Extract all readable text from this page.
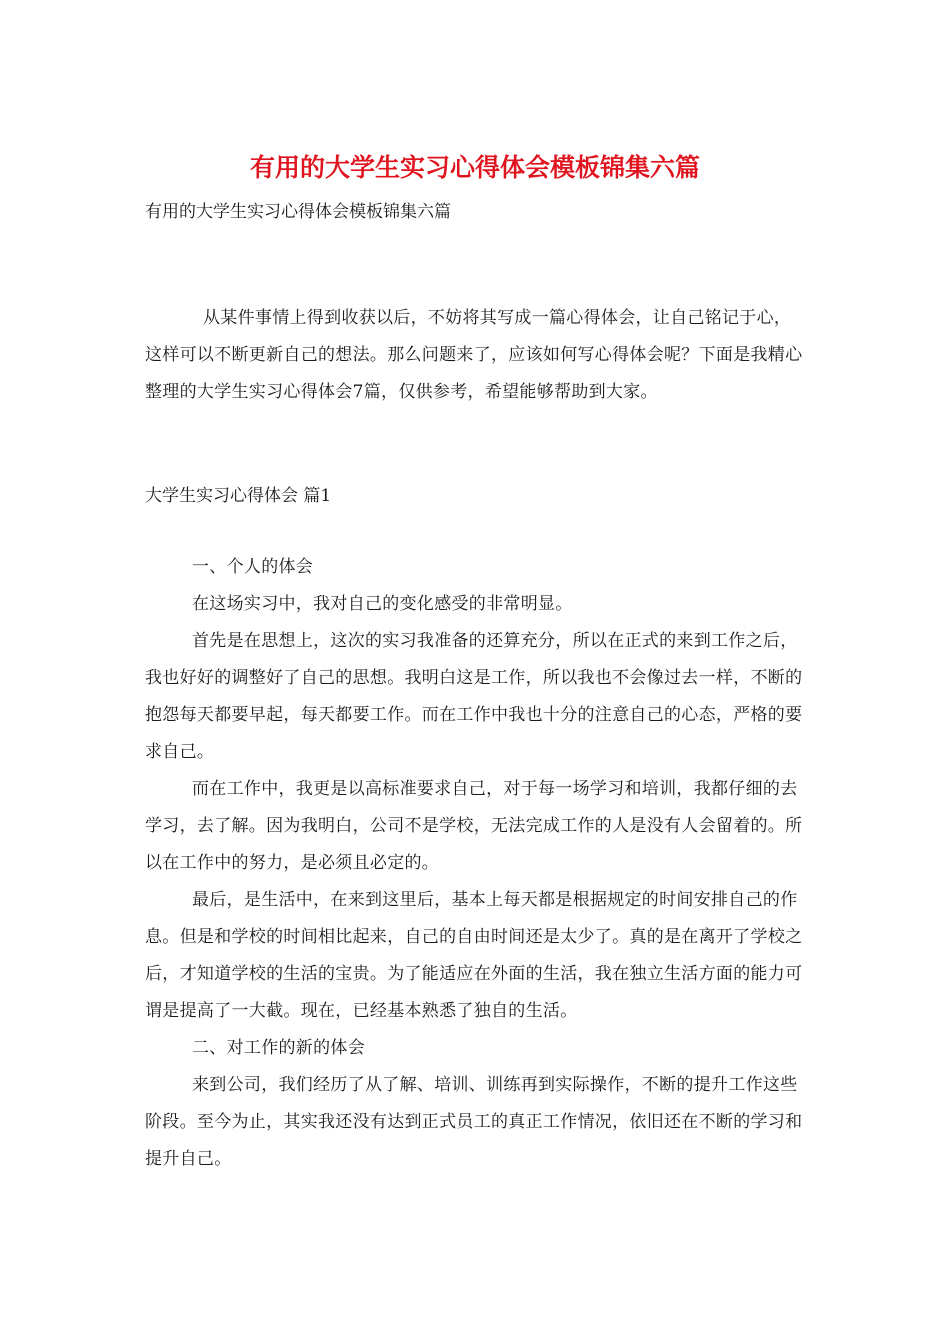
有用的大学生实习心得体会模板锦集六篇
有用的大学生实习心得体会模板锦集六篇
从某件事情上得到收获以后，不妨将其写成一篇心得体会，让自己铭记于心，这样可以不断更新自己的想法。那么问题来了，应该如何写心得体会呢？下面是我精心整理的大学生实习心得体会7篇，仅供参考，希望能够帮助到大家。
大学生实习心得体会 篇1

一、个人的体会

在这场实习中，我对自己的变化感受的非常明显。

首先是在思想上，这次的实习我准备的还算充分，所以在正式的来到工作之后，我也好好的调整好了自己的思想。我明白这是工作，所以我也不会像过去一样，不断的抱怨每天都要早起，每天都要工作。而在工作中我也十分的注意自己的心态，严格的要求自己。

而在工作中，我更是以高标准要求自己，对于每一场学习和培训，我都仔细的去学习，去了解。因为我明白，公司不是学校，无法完成工作的人是没有人会留着的。所以在工作中的努力，是必须且必定的。

最后，是生活中，在来到这里后，基本上每天都是根据规定的时间安排自己的作息。但是和学校的时间相比起来，自己的自由时间还是太少了。真的是在离开了学校之后，才知道学校的生活的宝贵。为了能适应在外面的生活，我在独立生活方面的能力可谓是提高了一大截。现在，已经基本熟悉了独自的生活。

二、对工作的新的体会

来到公司，我们经历了从了解、培训、训练再到实际操作，不断的提升工作这些阶段。至今为止，其实我还没有达到正式员工的真正工作情况，依旧还在不断的学习和提升自己。
